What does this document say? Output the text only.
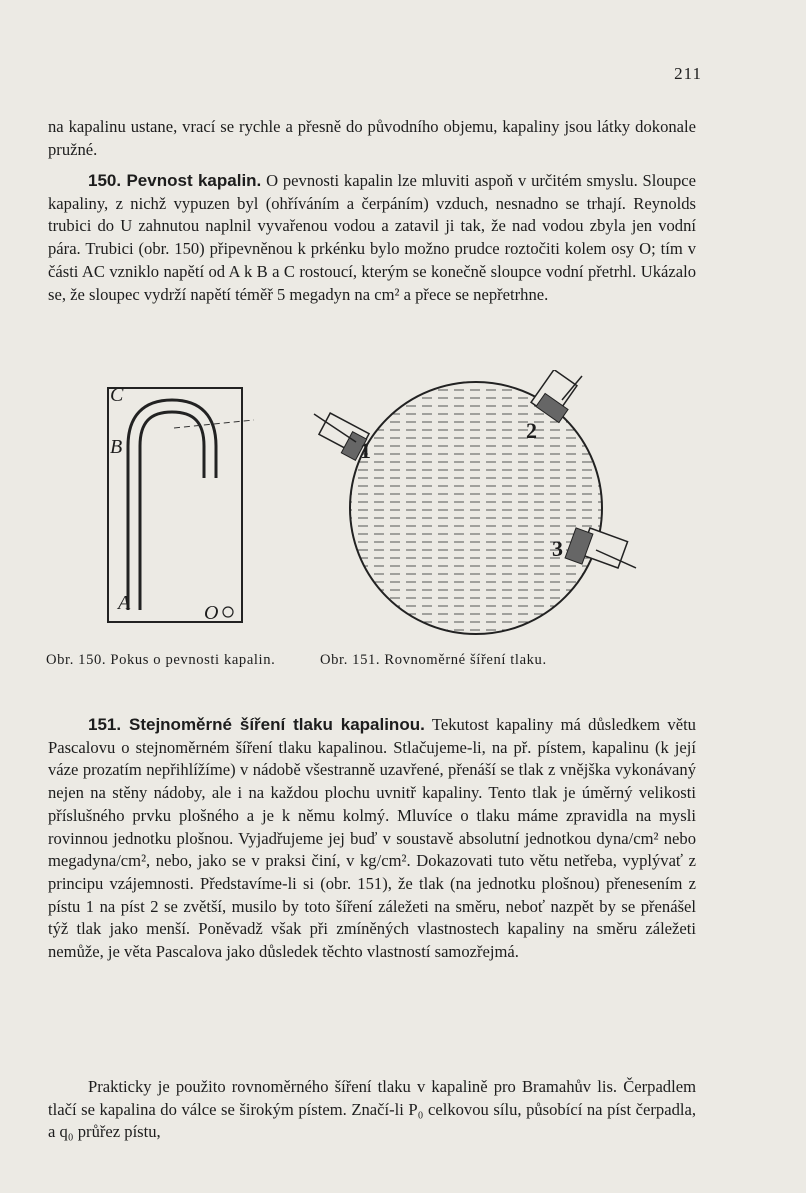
211

na kapalinu ustane, vrací se rychle a přesně do původního objemu, kapaliny jsou látky dokonale pružné.

150. Pevnost kapalin. O pevnosti kapalin lze mluviti aspoň v určitém smyslu. Sloupce kapaliny, z nichž vypuzen byl (ohříváním a čerpáním) vzduch, nesnadno se trhají. Reynolds trubici do U zahnutou naplnil vyvařenou vodou a zatavil ji tak, že nad vodou zbyla jen vodní pára. Trubici (obr. 150) připevněnou k prkénku bylo možno prudce roztočiti kolem osy O; tím v části AC vzniklo napětí od A k B a C rostoucí, kterým se konečně sloupce vodní přetrhl. Ukázalo se, že sloupec vydrží napětí téměř 5 megadyn na cm² a přece se nepřetrhne.

C
B
A	O
1
2
3
Obr. 150. Pokus o pevnosti kapalin.	Obr. 151. Rovnoměrné šíření tlaku.

151. Stejnoměrné šíření tlaku kapalinou. Tekutost kapaliny má důsledkem větu Pascalovu o stejnoměrném šíření tlaku kapalinou. Stlačujeme-li, na př. pístem, kapalinu (k její váze prozatím nepřihlížíme) v nádobě všestranně uzavřené, přenáší se tlak z vnějška vykonávaný nejen na stěny nádoby, ale i na každou plochu uvnitř kapaliny. Tento tlak je úměrný velikosti příslušného prvku plošného a je k němu kolmý. Mluvíce o tlaku máme zpravidla na mysli rovinnou jednotku plošnou. Vyjadřujeme jej buď v soustavě absolutní jednotkou dyna/cm² nebo megadyna/cm², nebo, jako se v praksi činí, v kg/cm². Dokazovati tuto větu netřeba, vyplývať z principu vzájemnosti. Představíme-li si (obr. 151), že tlak (na jednotku plošnou) přenesením z pístu 1 na píst 2 se zvětší, musilo by toto šíření záležeti na směru, neboť nazpět by se přenášel týž tlak jako menší. Poněvadž však při zmíněných vlastnostech kapaliny na směru záležeti nemůže, je věta Pascalova jako důsledek těchto vlastností samozřejmá.

Prakticky je použito rovnoměrného šíření tlaku v kapalině pro Bramahův lis. Čerpadlem tlačí se kapalina do válce se širokým pístem. Značí-li P₀ celkovou sílu, působící na píst čerpadla, a q₀ průřez pístu,
